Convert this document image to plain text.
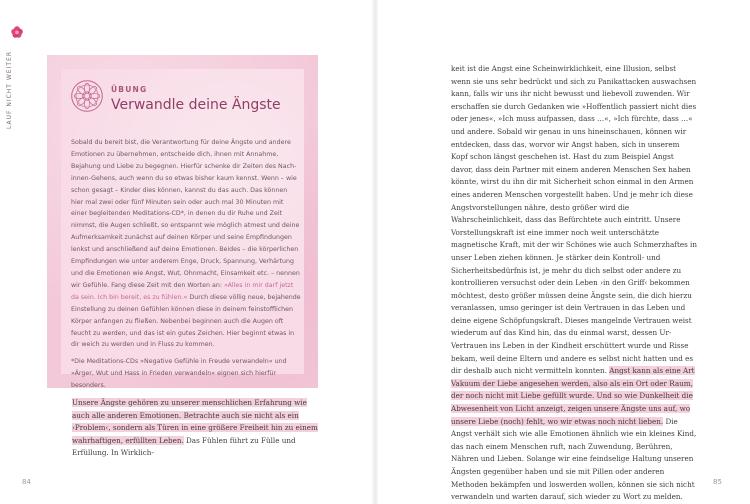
LAUF NICHT WEITER	ÜBUNG
Verwandle deine Ängste

Sobald du bereit bist, die Verantwortung für deine Ängste und andere Emotionen zu übernehmen, entscheide dich, ihnen mit Annahme, Bejahung und Liebe zu begegnen. Hierfür schenke dir Zeiten des Nach-innen-Gehens, auch wenn du so etwas bisher kaum kennst. Wenn – wie schon gesagt – Kinder dies können, kannst du das auch. Das können hier mal zwei oder fünf Minuten sein oder auch mal 30 Minuten mit einer begleitenden Meditations-CD*, in denen du dir Ruhe und Zeit nimmst, die Augen schließt, so entspannt wie möglich atmest und deine Aufmerksamkeit zunächst auf deinen Körper und seine Empfindungen lenkst und anschließend auf deine Emotionen. Beides – die körperlichen Empfindungen wie unter anderem Enge, Druck, Spannung, Verhärtung und die Emotionen wie Angst, Wut, Ohnmacht, Einsamkeit etc. – nennen wir Gefühle. Fang diese Zeit mit den Worten an: »Alles in mir darf jetzt da sein. Ich bin bereit, es zu fühlen.« Durch diese völlig neue, bejahende Einstellung zu deinen Gefühlen können diese in deinem feinstofflichen Körper anfangen zu fließen. Nebenbei beginnen auch die Augen oft feucht zu werden, und das ist ein gutes Zeichen. Hier beginnt etwas in dir weich zu werden und in Fluss zu kommen.

*Die Meditations-CDs »Negative Gefühle in Freude verwandeln« und »Ärger, Wut und Hass in Frieden verwandeln« eignen sich hierfür besonders.

Unsere Ängste gehören zu unserer menschlichen Erfahrung wie auch alle anderen Emotionen. Betrachte auch sie nicht als ein ›Problem‹, sondern als Türen in eine größere Freiheit hin zu einem wahrhaftigen, erfüllten Leben. Das Fühlen führt zu Fülle und Erfüllung. In Wirklich-

84	85

keit ist die Angst eine Scheinwirklichkeit, eine Illusion, selbst wenn sie uns sehr bedrückt und sich zu Panikattacken auswachsen kann, falls wir uns ihr nicht bewusst und liebevoll zuwenden. Wir erschaffen sie durch Gedanken wie »Hoffentlich passiert nicht dies oder jenes«, »Ich muss aufpassen, dass …«, »Ich fürchte, dass …« und andere. Sobald wir genau in uns hineinschauen, können wir entdecken, dass das, worvor wir Angst haben, sich in unserem Kopf schon längst geschehen ist. Hast du zum Beispiel Angst davor, dass dein Partner mit einem anderen Menschen Sex haben könnte, wirst du ihn dir mit Sicherheit schon einmal in den Armen eines anderen Menschen vorgestellt haben. Und je mehr ich diese Angstvorstellungen nähre, desto größer wird die Wahrscheinlichkeit, dass das Befürchtete auch eintritt. Unsere Vorstellungskraft ist eine immer noch weit unterschätzte magnetische Kraft, mit der wir Schönes wie auch Schmerzhaftes in unser Leben ziehen können. Je stärker dein Kontroll- und Sicherheitsbedürfnis ist, je mehr du dich selbst oder andere zu kontrollieren versuchst oder dein Leben ›in den Griff‹ bekommen möchtest, desto größer müssen deine Ängste sein, die dich hierzu veranlassen, umso geringer ist dein Vertrauen in das Leben und deine eigene Schöpfungskraft. Dieses mangelnde Vertrauen weist wiederum auf das Kind hin, das du einmal warst, dessen Ur-Vertrauen ins Leben in der Kindheit erschüttert wurde und Risse bekam, weil deine Eltern und andere es selbst nicht hatten und es dir deshalb auch nicht vermitteln konnten. Angst kann als eine Art Vakuum der Liebe angesehen werden, also als ein Ort oder Raum, der noch nicht mit Liebe gefüllt wurde. Und so wie Dunkelheit die Abwesenheit von Licht anzeigt, zeigen unsere Ängste uns auf, wo unsere Liebe (noch) fehlt, wo wir etwas noch nicht lieben. Die Angst verhält sich wie alle Emotionen ähnlich wie ein kleines Kind, das nach einem Menschen ruft, nach Zuwendung, Berühren, Nähren und Lieben. Solange wir eine feindselige Haltung unseren Ängsten gegenüber haben und sie mit Pillen oder anderen Methoden bekämpfen und loswerden wollen, können sie sich nicht verwandeln und warten darauf, sich wieder zu Wort zu melden.
